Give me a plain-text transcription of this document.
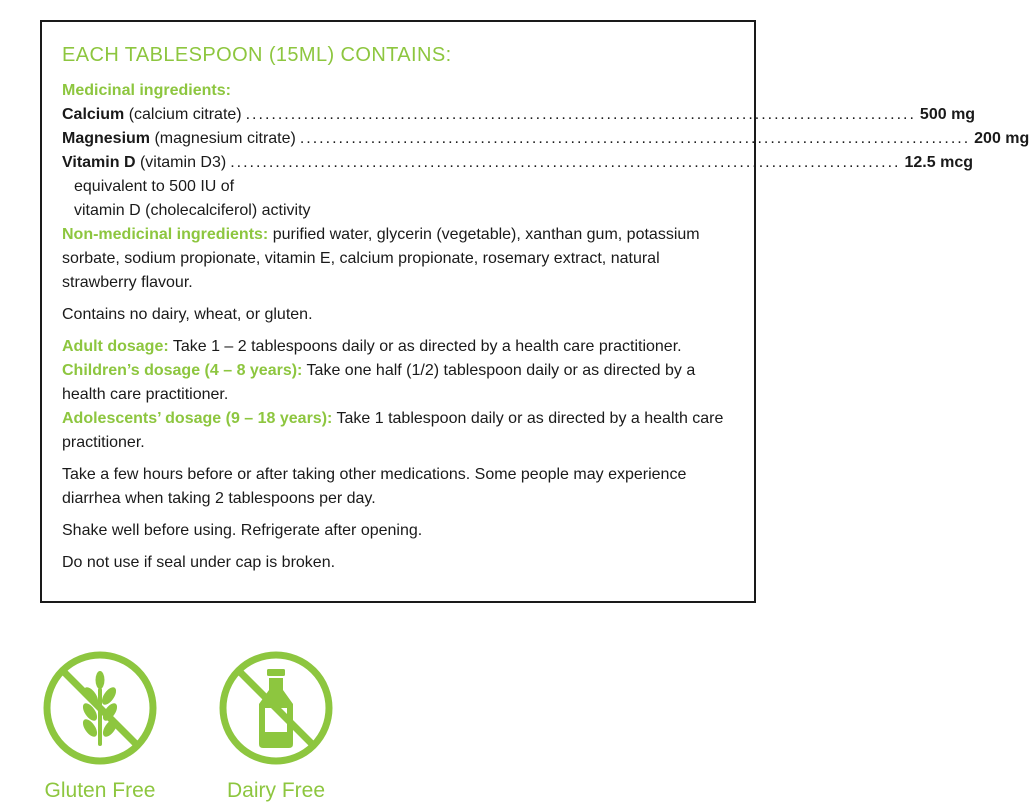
EACH TABLESPOON (15ML) CONTAINS:
Medicinal ingredients:
Calcium (calcium citrate) ........................................................................................................ 500 mg
Magnesium (magnesium citrate) ........................................................................................................ 200 mg
Vitamin D (vitamin D3) ........................................................................................................ 12.5 mcg
equivalent to 500 IU of
vitamin D (cholecalciferol) activity
Non-medicinal ingredients: purified water, glycerin (vegetable), xanthan gum, potassium sorbate, sodium propionate, vitamin E, calcium propionate, rosemary extract, natural strawberry flavour.
Contains no dairy, wheat, or gluten.
Adult dosage: Take 1 – 2 tablespoons daily or as directed by a health care practitioner.
Children’s dosage (4 – 8 years): Take one half (1/2) tablespoon daily or as directed by a health care practitioner.
Adolescents’ dosage (9 – 18 years): Take 1 tablespoon daily or as directed by a health care practitioner.
Take a few hours before or after taking other medications. Some people may experience diarrhea when taking 2 tablespoons per day.
Shake well before using. Refrigerate after opening.
Do not use if seal under cap is broken.
Gluten Free	Dairy Free
